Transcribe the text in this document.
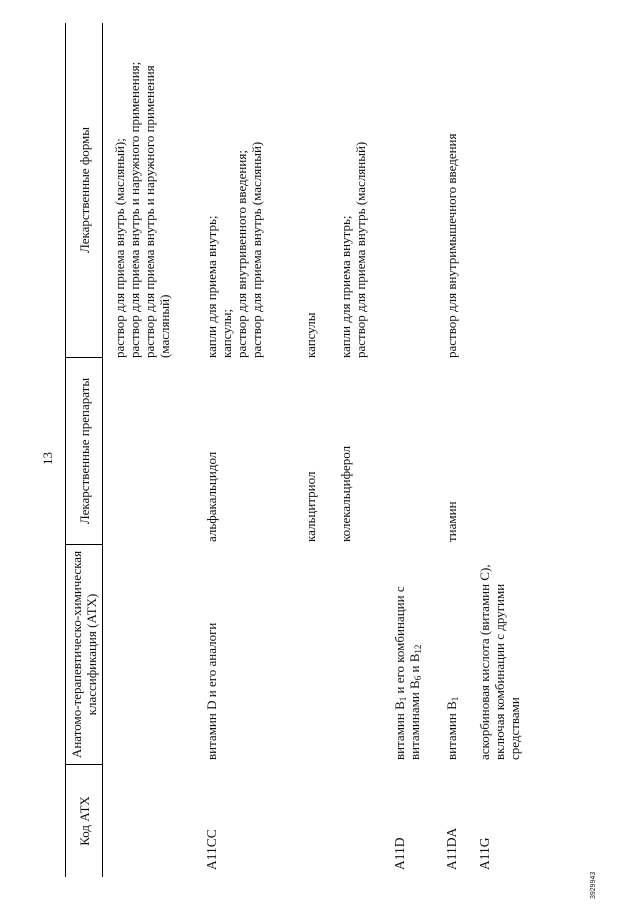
13
Код АТХ
Анатомо-терапевтическо-химическая классификация (АТХ)
Лекарственные препараты
Лекарственные формы	раствор для приема внутрь (масляный); раствор для приема внутрь и наружного применения; раствор для приема внутрь и наружного применения (масляный)
A11CC
витамин D и его аналоги
альфакальцидол
капли для приема внутрь; капсулы; раствор для внутривенного введения; раствор для приема внутрь (масляный)
кальцитриол
капсулы
колекальциферол
капли для приема внутрь; раствор для приема внутрь (масляный)
A11D
витамин $B_1$ и его комбинации с витаминами $B_6$ и $B_{12}$
A11DA
витамин $B_1$
тиамин
раствор для внутримышечного введения
A11G
аскорбиновая кислота (витамин C), включая комбинации с другими средствами
3929943
